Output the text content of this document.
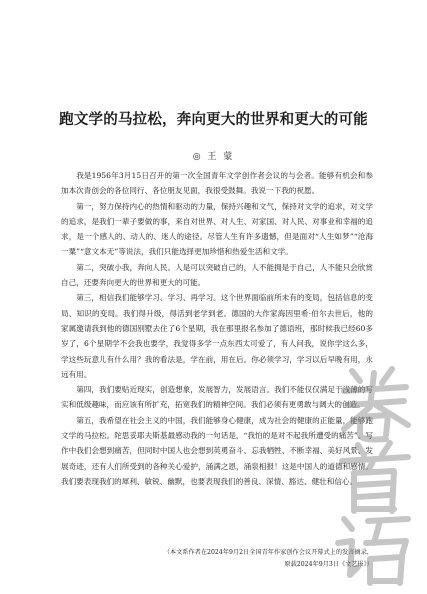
跑文学的马拉松，奔向更大的世界和更大的可能
◎ 王 蒙

我是1956年3月15日召开的第一次全国青年文学创作者会议的与会者。能够有机会和参加本次青创会的各位同行、各位朋友见面，我很受鼓舞。我说一下我的祝愿。

第一，努力保持内心的热情和驱动的力量，保持兴趣和文气，保持对文学的追求，对文学的追求，是我们一辈子要做的事，来自对世界、对人生、对家国、对人民、对事业和幸福的追求，是一个感人的、动人的、迷人的途径。尽管人生有许多遗憾，但是面对“人生如梦”“沧海一粟”“意文本无”等说法，我们只能选择更加珍惜和热爱生活和文学。

第二，突破小我，奔向人民。人是可以突破自己的，人不能拥是于自己，人不能只会欣赏自己，还要奔向更大的世界和更大的可能。

第三，相信我们能够学习、学习、再学习。这个世界面临前所未有的变局，包括信息的变局、知识的变局。我们得升级，得活到老学到老。德国的大作家海因里希·伯尔去世后，他的家属邀请我到他的德国别墅去住了6个星期，我在那里报名参加了德语班，那时候我已经60多岁了，6个星期学不会我也要学，我觉得多学一点东西太可爱了，有人问我，说你学这么多，学这些玩意儿有什么用？我的看法是，学在前，用在后。你必须学习，学习以后早晚有用，永远有用。

第四，我们要贴近现实，创造想象，发展智力，发展语言。我们不能仅仅满足于浅薄的写实和低级趣味，而应该有所扩充，拓宽我们的精神空间。我们必须有更勇敢与阔大的创造。

第五，我希望在社会主义的中国，我们能够身心健康，成为社会的健康的正能量，能够跑文学的马拉松。陀思妥耶夫斯基最感动我的一句话是，“我怕的是对不起我所遭受的痛苦”。写作中我们会想到痛苦，但同时中国人也会想到英勇奋斗、忘我牺牲、不断幸福、美好风景、发展奇迹，还有人们所受到的各种关心爱护，涌满之恩，涌泉相报！这是中国人的道德和感情。我们要表现我们的犀利、敏锐、幽默，也要表现我们的善良、深情、豁达、健壮和信心。

（本文系作者在2024年9月2日全国青年作家创作会议开幕式上的发言摘录，
原载2024年9月3日《文艺报》）
